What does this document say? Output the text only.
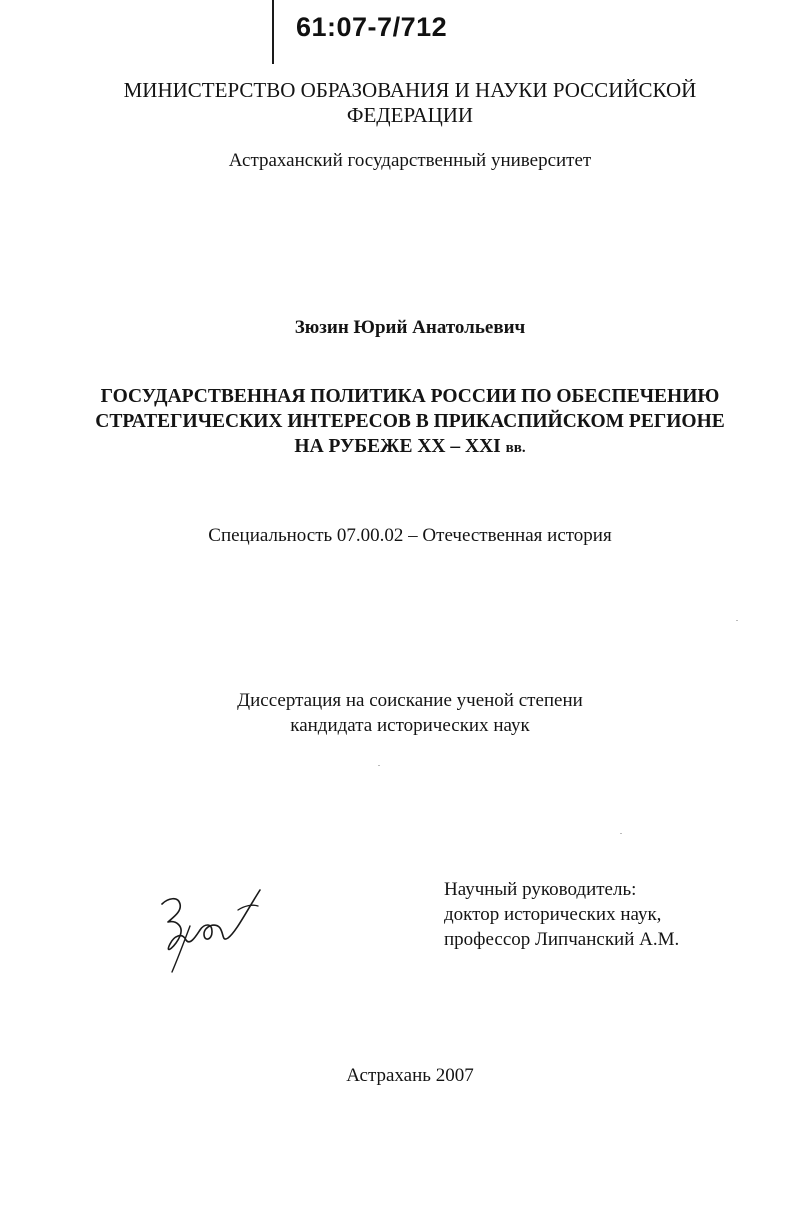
61:07-7/712
МИНИСТЕРСТВО ОБРАЗОВАНИЯ И НАУКИ РОССИЙСКОЙ
ФЕДЕРАЦИИ
Астраханский государственный университет
Зюзин Юрий Анатольевич
ГОСУДАРСТВЕННАЯ ПОЛИТИКА РОССИИ ПО ОБЕСПЕЧЕНИЮ
СТРАТЕГИЧЕСКИХ ИНТЕРЕСОВ В ПРИКАСПИЙСКОМ РЕГИОНЕ
НА РУБЕЖЕ XX – XXI вв.
Специальность 07.00.02 – Отечественная история
Диссертация на соискание ученой степени
кандидата исторических наук
Научный руководитель:
доктор исторических наук,
профессор Липчанский А.М.
Астрахань 2007
